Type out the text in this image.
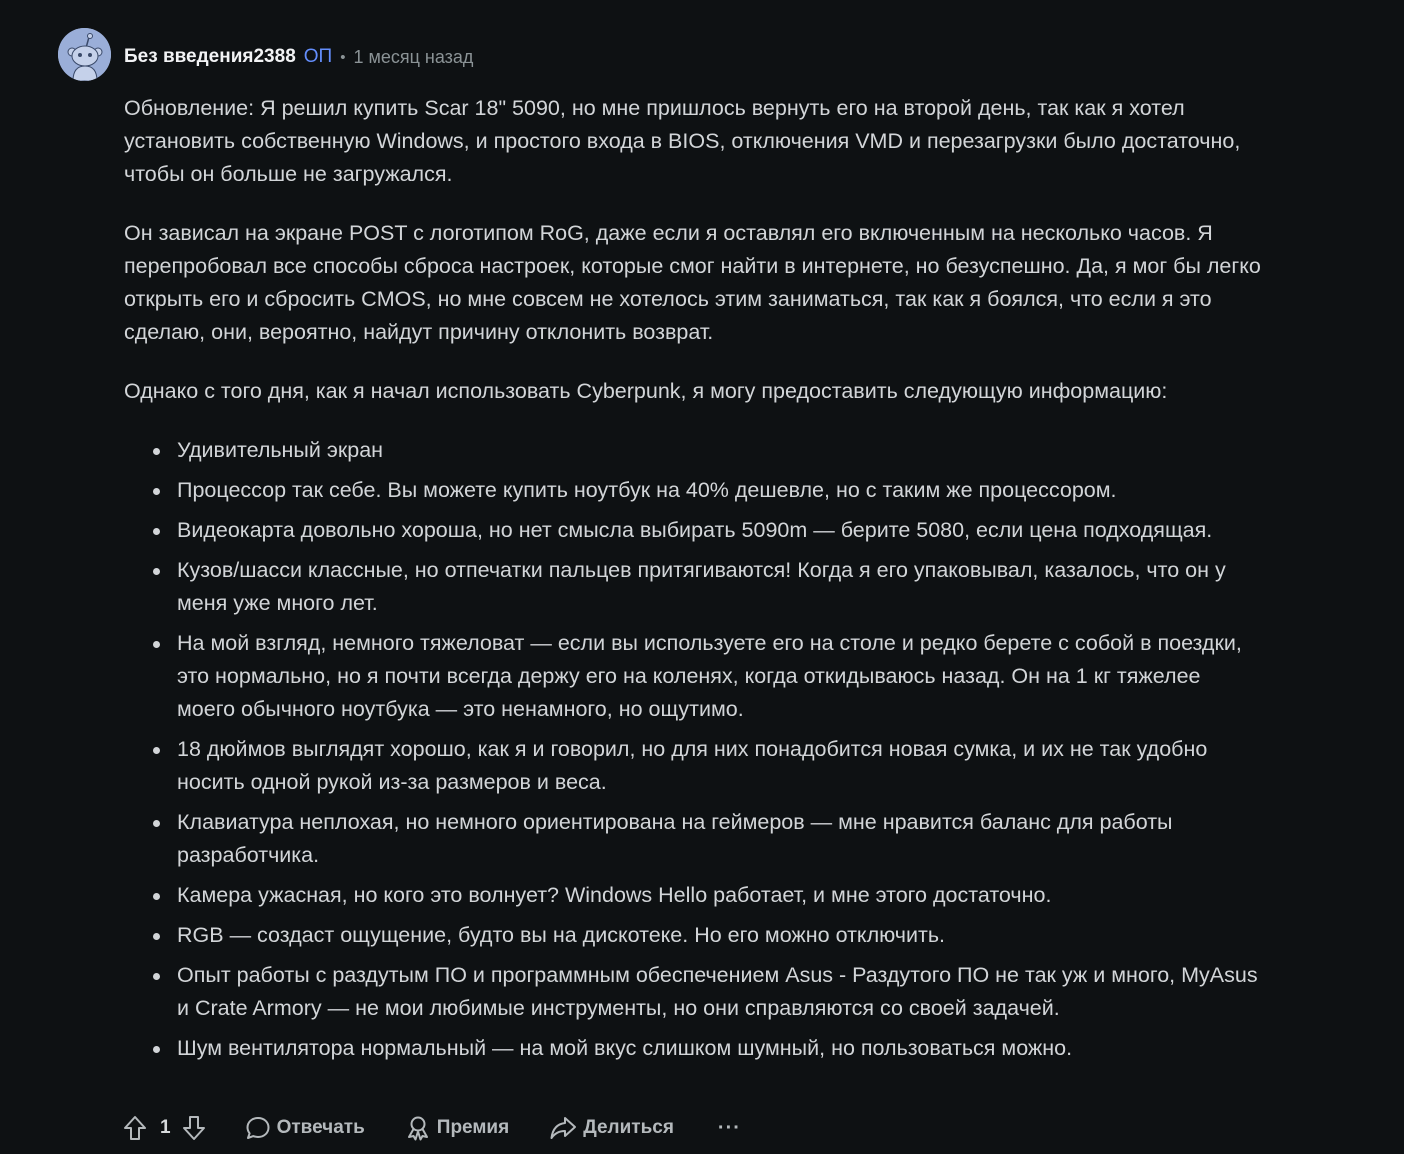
Без введения2388 ОП • 1 месяц назад

Обновление: Я решил купить Scar 18" 5090, но мне пришлось вернуть его на второй день, так как я хотел установить собственную Windows, и простого входа в BIOS, отключения VMD и перезагрузки было достаточно, чтобы он больше не загружался.

Он зависал на экране POST с логотипом RoG, даже если я оставлял его включенным на несколько часов. Я перепробовал все способы сброса настроек, которые смог найти в интернете, но безуспешно. Да, я мог бы легко открыть его и сбросить CMOS, но мне совсем не хотелось этим заниматься, так как я боялся, что если я это сделаю, они, вероятно, найдут причину отклонить возврат.

Однако с того дня, как я начал использовать Cyberpunk, я могу предоставить следующую информацию:

Удивительный экран
Процессор так себе. Вы можете купить ноутбук на 40% дешевле, но с таким же процессором.
Видеокарта довольно хороша, но нет смысла выбирать 5090m — берите 5080, если цена подходящая.
Кузов/шасси классные, но отпечатки пальцев притягиваются! Когда я его упаковывал, казалось, что он у меня уже много лет.
На мой взгляд, немного тяжеловат — если вы используете его на столе и редко берете с собой в поездки, это нормально, но я почти всегда держу его на коленях, когда откидываюсь назад. Он на 1 кг тяжелее моего обычного ноутбука — это ненамного, но ощутимо.
18 дюймов выглядят хорошо, как я и говорил, но для них понадобится новая сумка, и их не так удобно носить одной рукой из-за размеров и веса.
Клавиатура неплохая, но немного ориентирована на геймеров — мне нравится баланс для работы разработчика.
Камера ужасная, но кого это волнует? Windows Hello работает, и мне этого достаточно.
RGB — создаст ощущение, будто вы на дискотеке. Но его можно отключить.
Опыт работы с раздутым ПО и программным обеспечением Asus - Раздутого ПО не так уж и много, MyAsus и Crate Armory — не мои любимые инструменты, но они справляются со своей задачей.
Шум вентилятора нормальный — на мой вкус слишком шумный, но пользоваться можно.
1	Отвечать	Премия	Делиться ···
